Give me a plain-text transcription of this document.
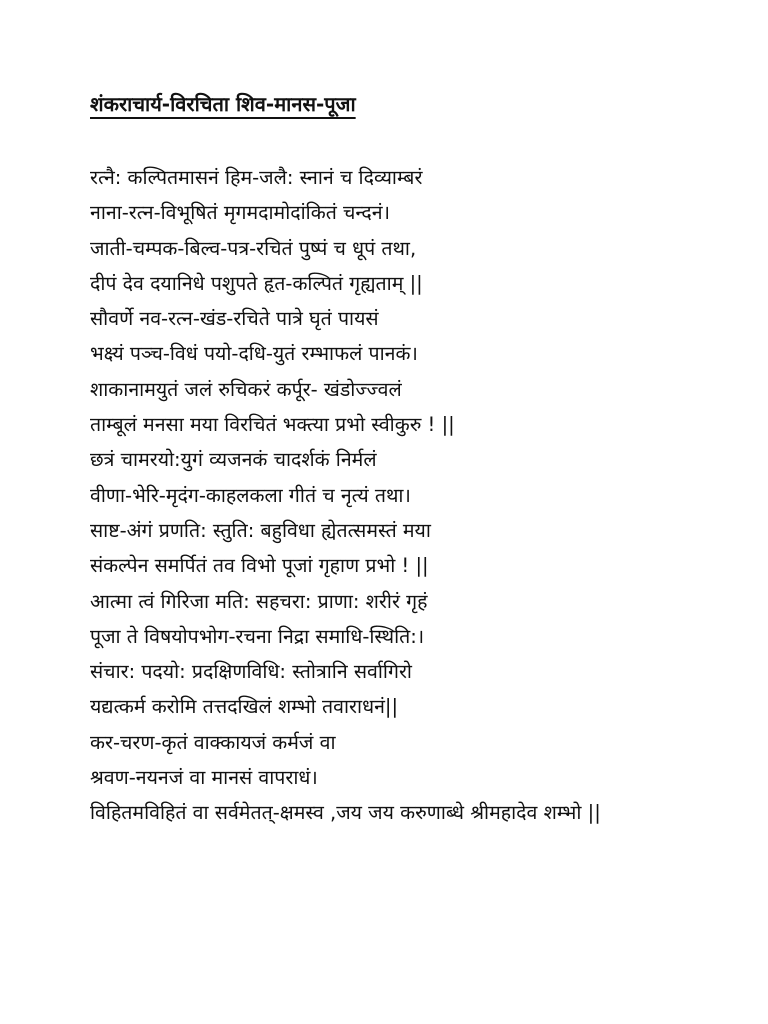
शंकराचार्य-विरचिता शिव-मानस-पूजा
रत्नै: कल्पितमासनं हिम-जलै: स्नानं च दिव्याम्बरं
नाना-रत्न-विभूषितं मृगमदामोदांकितं चन्दनं।
जाती-चम्पक-बिल्व-पत्र-रचितं पुष्पं च धूपं तथा,
दीपं देव दयानिधे पशुपते हृत-कल्पितं गृह्यताम् ||
सौवर्णे नव-रत्न-खंड-रचिते पात्रे घृतं पायसं
भक्ष्यं पञ्च-विधं पयो-दधि-युतं रम्भाफलं पानकं।
शाकानामयुतं जलं रुचिकरं कर्पूर- खंडोज्ज्वलं
ताम्बूलं मनसा मया विरचितं भक्त्या प्रभो स्वीकुरु ! ||
छत्रं चामरयो:युगं व्यजनकं चादर्शकं निर्मलं
वीणा-भेरि-मृदंग-काहलकला गीतं च नृत्यं तथा।
साष्ट-अंगं प्रणति: स्तुति: बहुविधा ह्येतत्समस्तं मया
संकल्पेन समर्पितं तव विभो पूजां गृहाण प्रभो ! ||
आत्मा त्वं गिरिजा मति: सहचरा: प्राणा: शरीरं गृहं
पूजा ते विषयोपभोग-रचना निद्रा समाधि-स्थिति:।
संचार: पदयो: प्रदक्षिणविधि: स्तोत्रानि सर्वागिरो
यद्यत्कर्म करोमि तत्तदखिलं शम्भो तवाराधनं||
कर-चरण-कृतं वाक्कायजं कर्मजं वा
श्रवण-नयनजं वा मानसं वापराधं।
विहितमविहितं वा सर्वमेतत्-क्षमस्व ,जय जय करुणाब्धे श्रीमहादेव शम्भो ||
